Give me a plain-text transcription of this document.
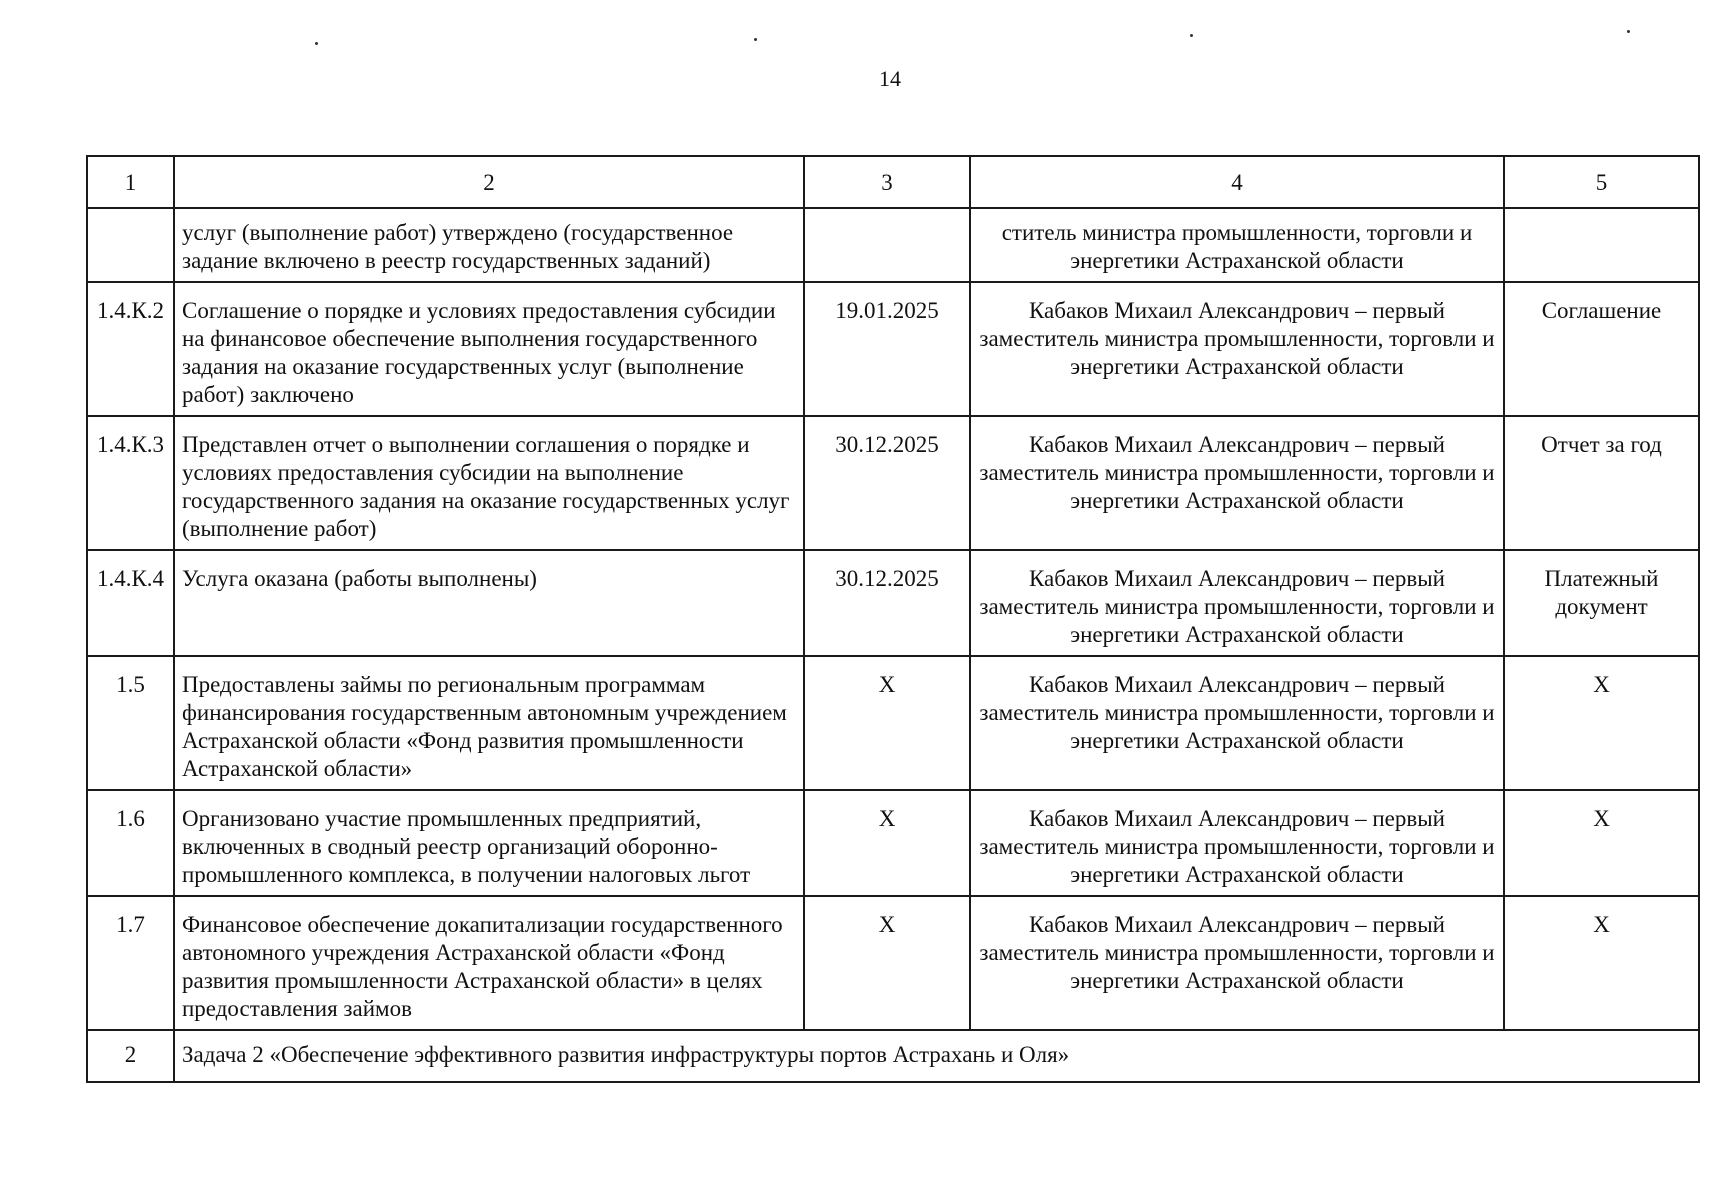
14
1	2	3	4	5
	услуг (выполнение работ) утверждено (государственное задание включено в реестр государственных заданий)		ститель министра промышленности, торговли и энергетики Астраханской области	
1.4.К.2	Соглашение о порядке и условиях предоставления субсидии на финансовое обеспечение выполнения государственного задания на оказание государственных услуг (выполнение работ) заключено	19.01.2025	Кабаков Михаил Александрович – первый заместитель министра промышленности, торговли и энергетики Астраханской области	Соглашение
1.4.К.3	Представлен отчет о выполнении соглашения о порядке и условиях предоставления субсидии на выполнение государственного задания на оказание государственных услуг (выполнение работ)	30.12.2025	Кабаков Михаил Александрович – первый заместитель министра промышленности, торговли и энергетики Астраханской области	Отчет за год
1.4.К.4	Услуга оказана (работы выполнены)	30.12.2025	Кабаков Михаил Александрович – первый заместитель министра промышленности, торговли и энергетики Астраханской области	Платежный документ
1.5	Предоставлены займы по региональным программам финансирования государственным автономным учреждением Астраханской области «Фонд развития промышленности Астраханской области»	Х	Кабаков Михаил Александрович – первый заместитель министра промышленности, торговли и энергетики Астраханской области	Х
1.6	Организовано участие промышленных предприятий, включенных в сводный реестр организаций оборонно-промышленного комплекса, в получении налоговых льгот	Х	Кабаков Михаил Александрович – первый заместитель министра промышленности, торговли и энергетики Астраханской области	Х
1.7	Финансовое обеспечение докапитализации государственного автономного учреждения Астраханской области «Фонд развития промышленности Астраханской области» в целях предоставления займов	Х	Кабаков Михаил Александрович – первый заместитель министра промышленности, торговли и энергетики Астраханской области	Х
2	Задача 2 «Обеспечение эффективного развития инфраструктуры портов Астрахань и Оля»			
